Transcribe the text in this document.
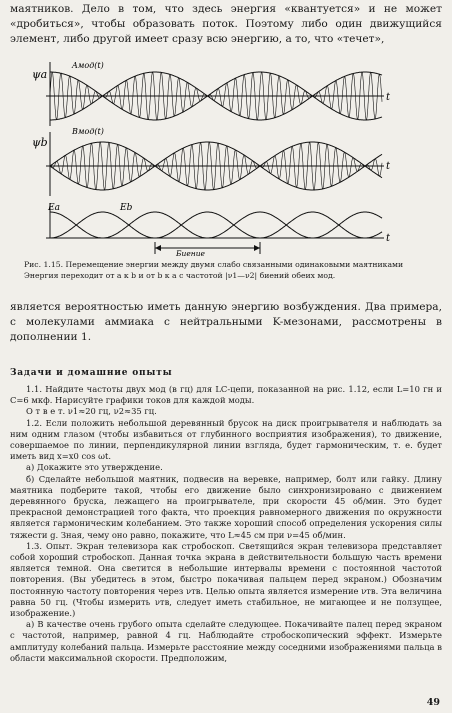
маятников. Дело в том, что здесь энергия «квантуется» и не может «дробиться», чтобы образовать поток. Поэтому либо один движущийся элемент, либо другой имеет сразу всю энергию, а то, что «течет»,
ψa
Aмод(t)
ψb
Bмод(t)
t
t
t
Ea	Eb
Биение
Рис. 1.15. Перемещение энергии между двумя слабо связанными одинаковыми маятниками Энергия переходит от a к b и от b к a с частотой |ν1—ν2| биений обеих мод.
является вероятностью иметь данную энергию возбуждения. Два примера, с молекулами аммиака с нейтральными K-мезонами, рассмотрены в дополнении 1.
Задачи и домашние опыты

1.1. Найдите частоты двух мод (в гц) для LC-цепи, показанной на рис. 1.12, если L=10 гн и C=6 мкф. Нарисуйте графики токов для каждой моды.

О т в е т. ν1≈20 гц, ν2≈35 гц.

1.2. Если положить небольшой деревянный брусок на диск проигрывателя и наблюдать за ним одним глазом (чтобы избавиться от глубинного восприятия изображения), то движение, совершаемое по линии, перпендикулярной линии взгляда, будет гармоническим, т. е. будет иметь вид x=x0 cos ωt.

а) Докажите это утверждение.

б) Сделайте небольшой маятник, подвесив на веревке, например, болт или гайку. Длину маятника подберите такой, чтобы его движение было синхронизировано с движением деревянного бруска, лежащего на проигрывателе, при скорости 45 об/мин. Это будет прекрасной демонстрацией того факта, что проекция равномерного движения по окружности является гармоническим колебанием. Это также хороший способ определения ускорения силы тяжести g. Зная, чему оно равно, покажите, что L≈45 см при ν=45 об/мин.

1.3. Опыт. Экран телевизора как стробоскоп. Светящийся экран телевизора представляет собой хороший стробоскоп. Данная точка экрана в действительности большую часть времени является темной. Она светится в небольшие интервалы времени с постоянной частотой повторения. (Вы убедитесь в этом, быстро покачивая пальцем перед экраном.) Обозначим постоянную частоту повторения через νтв. Целью опыта является измерение νтв. Эта величина равна 50 гц. (Чтобы измерить νтв, следует иметь стабильное, не мигающее и не ползущее, изображение.)

а) В качестве очень грубого опыта сделайте следующее. Покачивайте палец перед экраном с частотой, например, равной 4 гц. Наблюдайте стробоскопический эффект. Измерьте амплитуду колебаний пальца. Измерьте расстояние между соседними изображениями пальца в области максимальной скорости. Предположим,

49
